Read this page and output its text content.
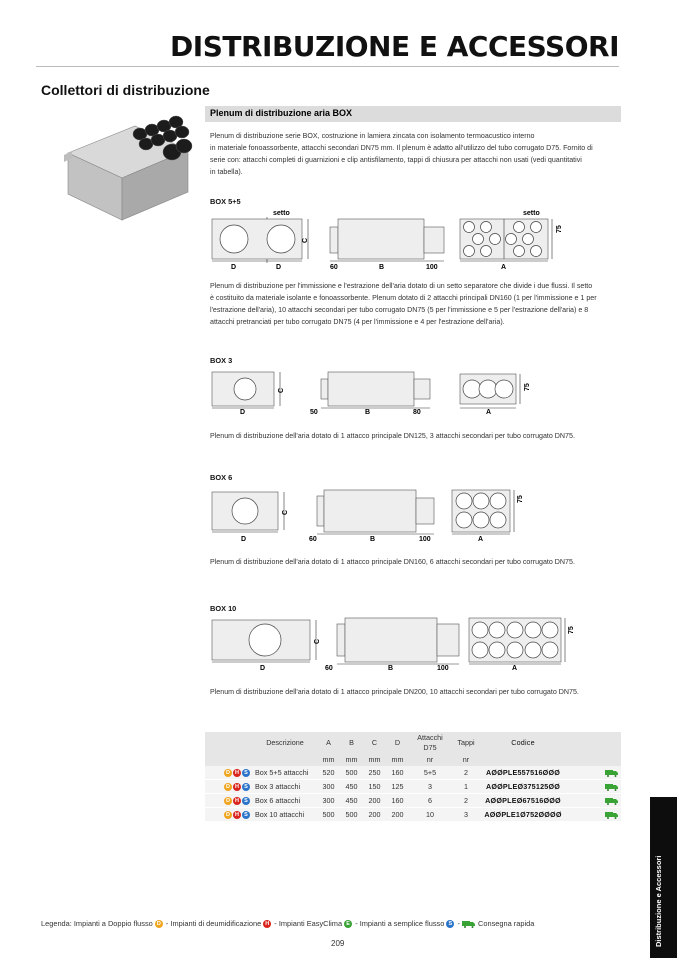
DISTRIBUZIONE E ACCESSORI
Collettori di distribuzione
Plenum di distribuzione aria BOX
Plenum di distribuzione serie BOX, costruzione in lamiera zincata con isolamento termoacustico interno
in materiale fonoassorbente, attacchi secondari DN75 mm. Il plenum è adatto all'utilizzo del tubo corrugato D75. Fornito di
serie con: attacchi completi di guarnizioni e clip antisfilamento, tappi di chiusura per attacchi non usati (vedi quantitativi
in tabella).
BOX 5+5
setto
C
D	D	60	B	100
setto
A
75
Plenum di distribuzione per l'immissione e l'estrazione dell'aria dotato di un setto separatore che divide i due flussi. Il setto
è costituito da materiale isolante e fonoassorbente. Plenum dotato di 2 attacchi principali DN160 (1 per l'immissione e 1 per
l'estrazione dell'aria), 10 attacchi secondari per tubo corrugato DN75 (5 per l'immissione e 5 per l'estrazione dell'aria) e 8
attacchi pretranciati per tubo corrugato DN75 (4 per l'immissione e 4 per l'estrazione dell'aria).
BOX 3
C
D	50	B	80
75
A
Plenum di distribuzione dell'aria dotato di 1 attacco principale DN125, 3 attacchi secondari per tubo corrugato DN75.
BOX 6
C
D	60	B	100
75
A
Plenum di distribuzione dell'aria dotato di 1 attacco principale DN160, 6 attacchi secondari per tubo corrugato DN75.
BOX 10
C
D	60	B	100
75
A
Plenum di distribuzione dell'aria dotato di 1 attacco principale DN200, 10 attacchi secondari per tubo corrugato DN75.
	Descrizione	A	B	C	D	Attacchi D75	Tappi	Codice	
		mm	mm	mm	mm	nr	nr		
D H S	Box 5+5 attacchi	520	500	250	160	5+5	2	AØØPLE557516ØØØ	
D H S	Box 3 attacchi	300	450	150	125	3	1	AØØPLEØ375125ØØ	
D H S	Box 6 attacchi	300	450	200	160	6	2	AØØPLEØ67516ØØØ	
D H S	Box 10 attacchi	500	500	200	200	10	3	AØØPLE1Ø752ØØØØ	
Distribuzione e Accessori
Legenda: Impianti a Doppio flusso D - Impianti di deumidificazione H - Impianti EasyClima E - Impianti a semplice flusso S -  Consegna rapida
209
